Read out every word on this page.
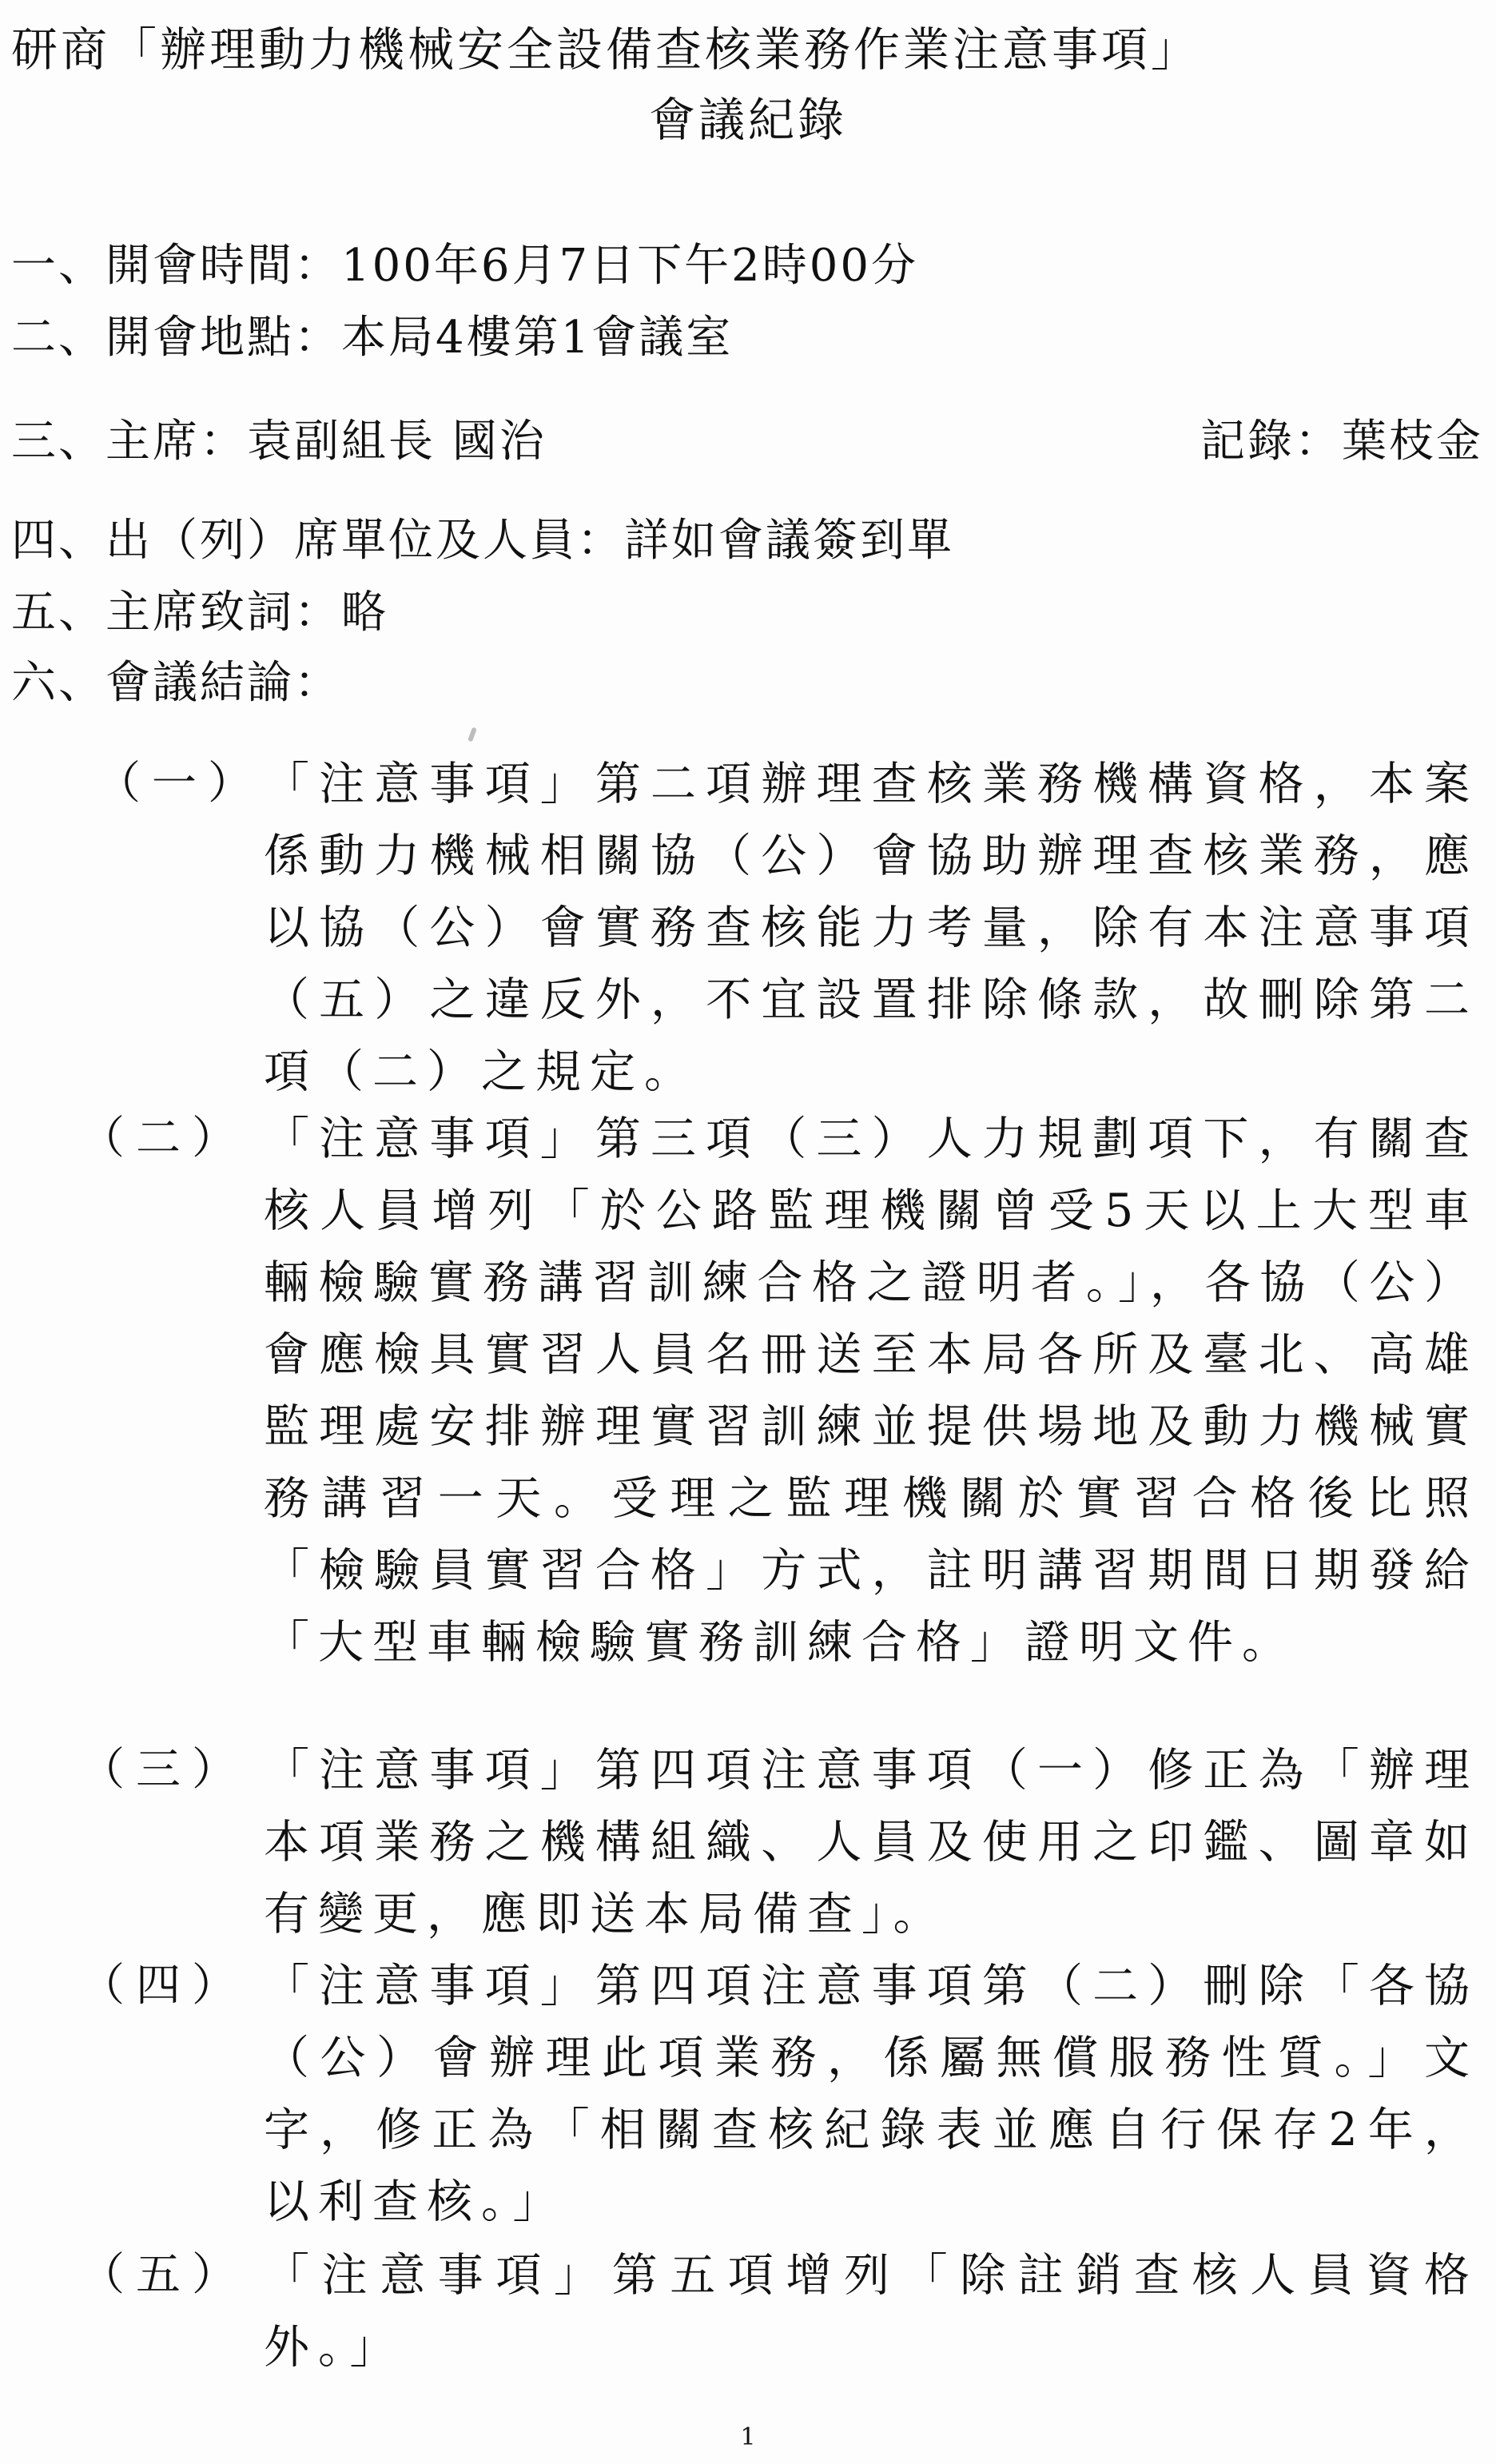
研商「辦理動力機械安全設備查核業務作業注意事項」
會議紀錄
一、開會時間：100年6月7日下午2時00分
二、開會地點：本局4樓第1會議室
三、主席：袁副組長 國治	記錄：葉枝金
四、出（列）席單位及人員：詳如會議簽到單
五、主席致詞：略
六、會議結論：
（一） 「注意事項」第二項辦理查核業務機構資格，本案係動力機械相關協（公）會協助辦理查核業務，應以協（公）會實務查核能力考量，除有本注意事項（五）之違反外，不宜設置排除條款，故刪除第二項（二）之規定。
（二） 「注意事項」第三項（三）人力規劃項下，有關查核人員增列「於公路監理機關曾受5天以上大型車輛檢驗實務講習訓練合格之證明者。」，各協（公）會應檢具實習人員名冊送至本局各所及臺北、高雄監理處安排辦理實習訓練並提供場地及動力機械實務講習一天。受理之監理機關於實習合格後比照「檢驗員實習合格」方式，註明講習期間日期發給「大型車輛檢驗實務訓練合格」證明文件。
（三） 「注意事項」第四項注意事項（一）修正為「辦理本項業務之機構組織、人員及使用之印鑑、圖章如有變更，應即送本局備查」。
（四） 「注意事項」第四項注意事項第（二）刪除「各協（公）會辦理此項業務，係屬無償服務性質。」文字，修正為「相關查核紀錄表並應自行保存2年，以利查核。」
（五） 「注意事項」第五項增列「除註銷查核人員資格外。」
1
